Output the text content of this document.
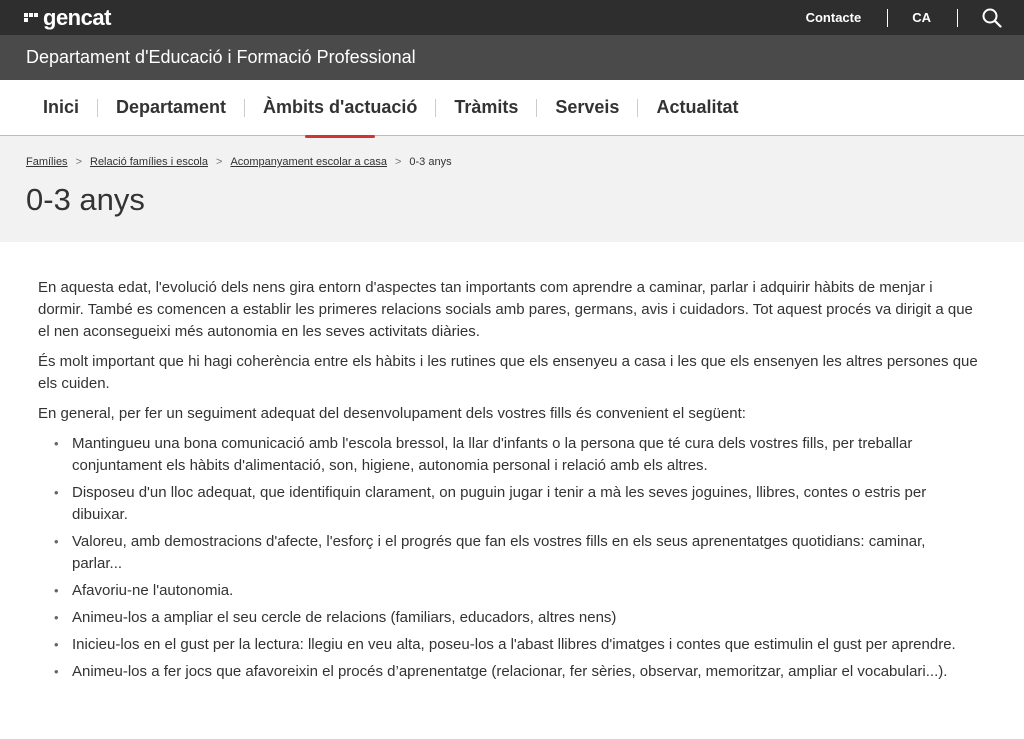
gencat	Contacte	CA
Departament d'Educació i Formació Professional
Inici Departament Àmbits d'actuació Tràmits Serveis Actualitat
Famílies > Relació famílies i escola > Acompanyament escolar a casa > 0-3 anys
0-3 anys

En aquesta edat, l'evolució dels nens gira entorn d'aspectes tan importants com aprendre a caminar, parlar i adquirir hàbits de menjar i dormir. També es comencen a establir les primeres relacions socials amb pares, germans, avis i cuidadors. Tot aquest procés va dirigit a que el nen aconsegueixi més autonomia en les seves activitats diàries.

És molt important que hi hagi coherència entre els hàbits i les rutines que els ensenyeu a casa i les que els ensenyen les altres persones que els cuiden.

En general, per fer un seguiment adequat del desenvolupament dels vostres fills és convenient el següent:

• Mantingueu una bona comunicació amb l'escola bressol, la llar d'infants o la persona que té cura dels vostres fills, per treballar conjuntament els hàbits d'alimentació, son, higiene, autonomia personal i relació amb els altres.
• Disposeu d'un lloc adequat, que identifiquin clarament, on puguin jugar i tenir a mà les seves joguines, llibres, contes o estris per dibuixar.
• Valoreu, amb demostracions d'afecte, l'esforç i el progrés que fan els vostres fills en els seus aprenentatges quotidians: caminar, parlar...
• Afavoriu-ne l'autonomia.
• Animeu-los a ampliar el seu cercle de relacions (familiars, educadors, altres nens)
• Inicieu-los en el gust per la lectura: llegiu en veu alta, poseu-los a l'abast llibres d'imatges i contes que estimulin el gust per aprendre.
• Animeu-los a fer jocs que afavoreixin el procés d’aprenentatge (relacionar, fer sèries, observar, memoritzar, ampliar el vocabulari...).
